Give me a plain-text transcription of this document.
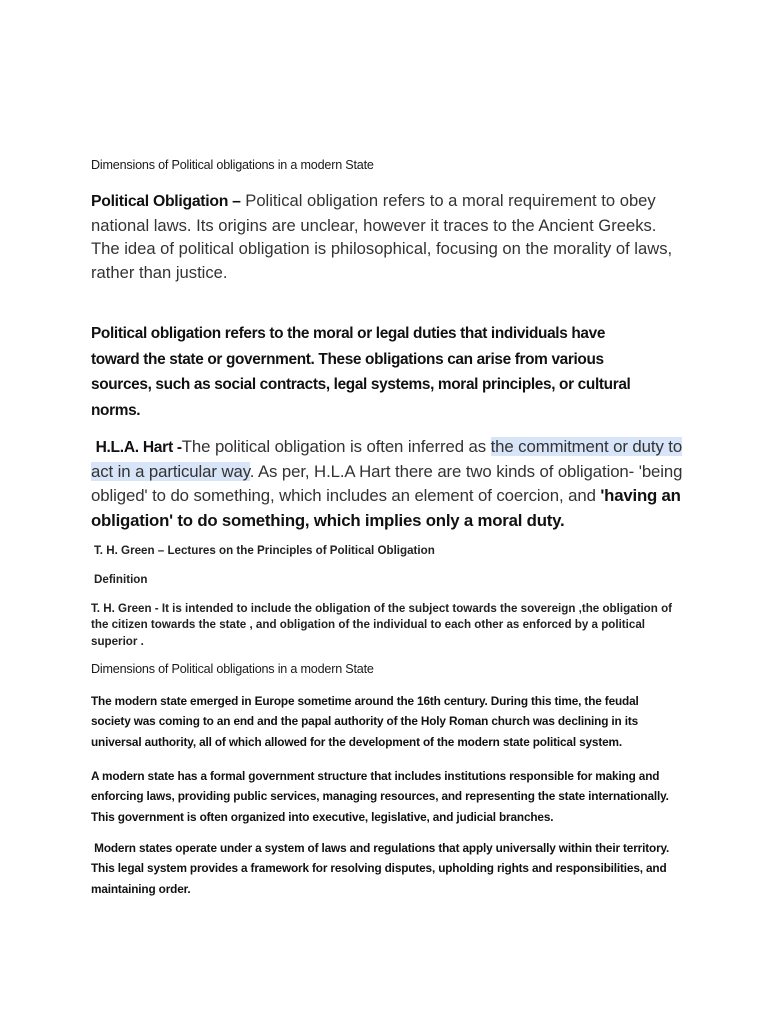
Dimensions of Political obligations in a modern State

Political Obligation – Political obligation refers to a moral requirement to obey national laws. Its origins are unclear, however it traces to the Ancient Greeks. The idea of political obligation is philosophical, focusing on the morality of laws, rather than justice.

Political obligation refers to the moral or legal duties that individuals have toward the state or government. These obligations can arise from various sources, such as social contracts, legal systems, moral principles, or cultural norms.

H.L.A. Hart -The political obligation is often inferred as the commitment or duty to act in a particular way. As per, H.L.A Hart there are two kinds of obligation- 'being obliged' to do something, which includes an element of coercion, and 'having an obligation' to do something, which implies only a moral duty.

T. H. Green – Lectures on the Principles of Political Obligation

Definition

T. H. Green - It is intended to include the obligation of the subject towards the sovereign ,the obligation of the citizen towards the state , and obligation of the individual to each other as enforced by a political superior .

Dimensions of Political obligations in a modern State

The modern state emerged in Europe sometime around the 16th century. During this time, the feudal society was coming to an end and the papal authority of the Holy Roman church was declining in its universal authority, all of which allowed for the development of the modern state political system.

A modern state has a formal government structure that includes institutions responsible for making and enforcing laws, providing public services, managing resources, and representing the state internationally. This government is often organized into executive, legislative, and judicial branches.

Modern states operate under a system of laws and regulations that apply universally within their territory. This legal system provides a framework for resolving disputes, upholding rights and responsibilities, and maintaining order.
